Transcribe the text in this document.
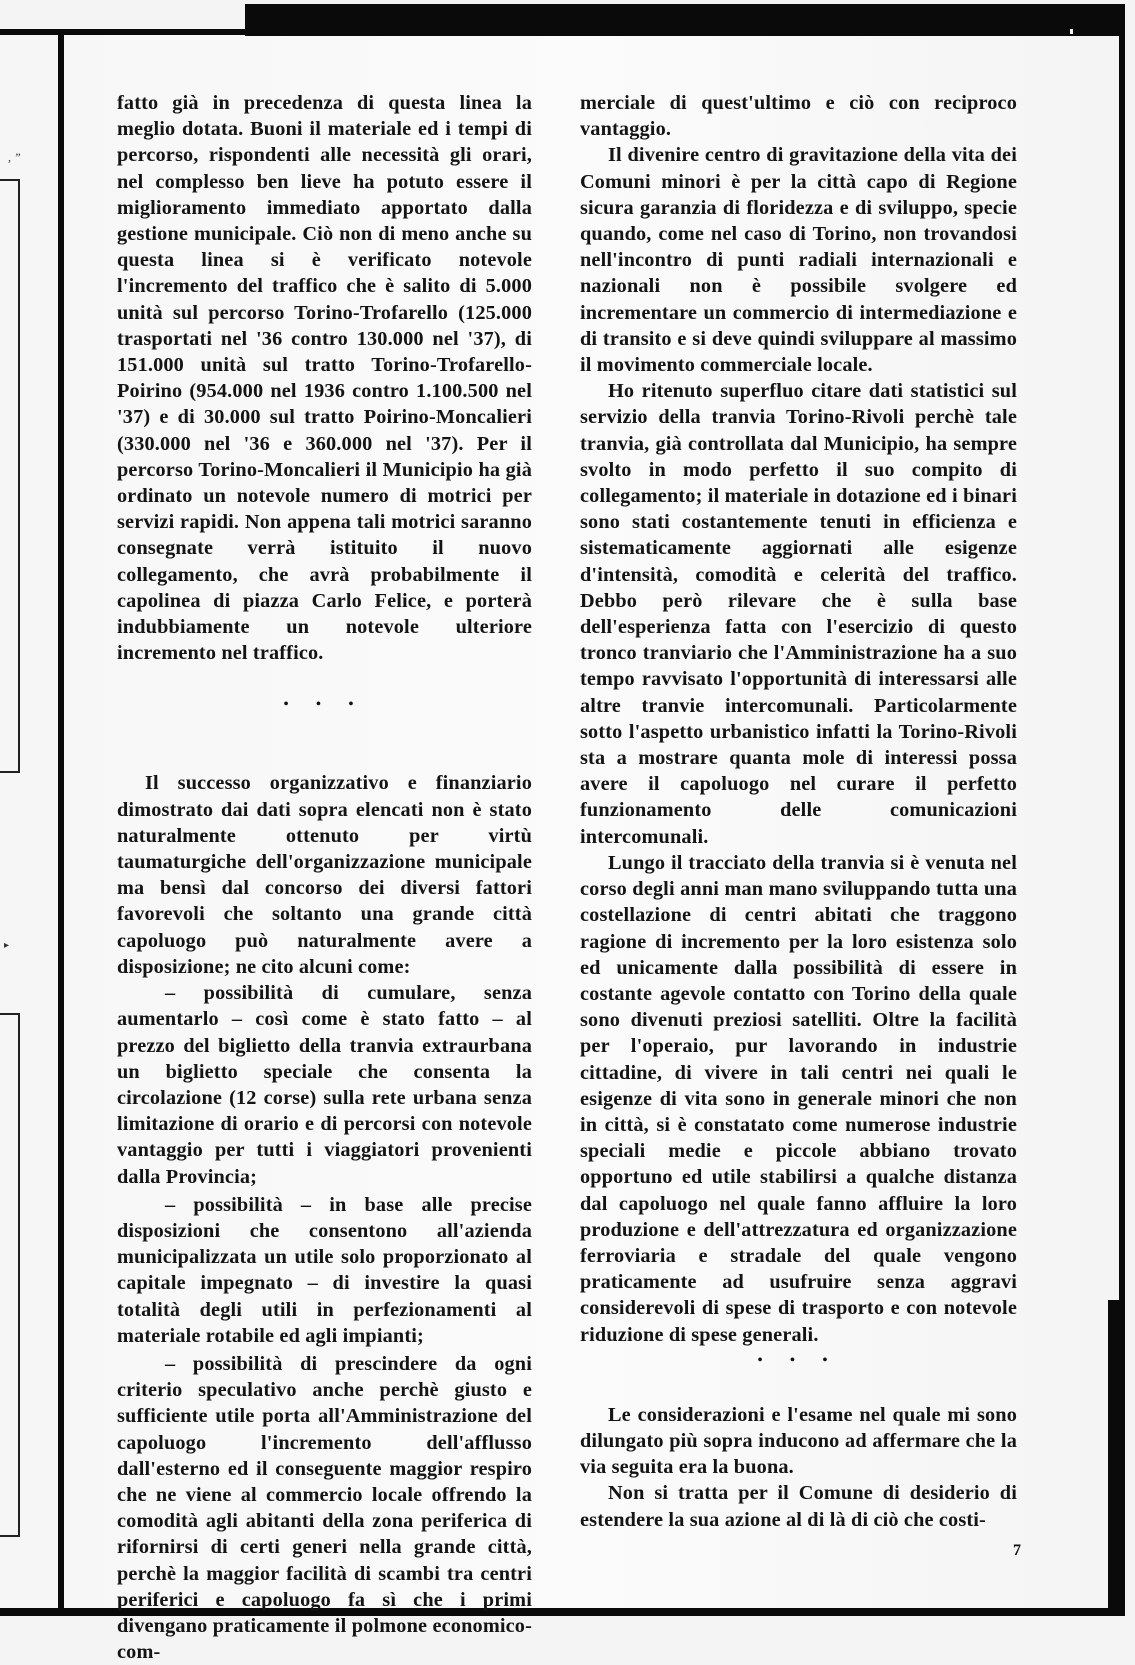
, ”
▸

fatto già in precedenza di questa linea la meglio dotata. Buoni il materiale ed i tempi di percorso, rispondenti alle necessità gli orari, nel complesso ben lieve ha potuto essere il miglioramento immediato apportato dalla gestione municipale. Ciò non di meno anche su questa linea si è verificato notevole l'incremento del traffico che è salito di 5.000 unità sul percorso Torino-Trofarello (125.000 trasportati nel '36 contro 130.000 nel '37), di 151.000 unità sul tratto Torino-Trofarello-Poirino (954.000 nel 1936 contro 1.100.500 nel '37) e di 30.000 sul tratto Poirino-Moncalieri (330.000 nel '36 e 360.000 nel '37). Per il percorso Torino-Moncalieri il Municipio ha già ordinato un notevole numero di motrici per servizi rapidi. Non appena tali motrici saranno consegnate verrà istituito il nuovo collegamento, che avrà probabilmente il capolinea di piazza Carlo Felice, e porterà indubbiamente un notevole ulteriore incremento nel traffico.

• • •

Il successo organizzativo e finanziario dimostrato dai dati sopra elencati non è stato naturalmente ottenuto per virtù taumaturgiche dell'organizzazione municipale ma bensì dal concorso dei diversi fattori favorevoli che soltanto una grande città capoluogo può naturalmente avere a disposizione; ne cito alcuni come:

– possibilità di cumulare, senza aumentarlo – così come è stato fatto – al prezzo del biglietto della tranvia extraurbana un biglietto speciale che consenta la circolazione (12 corse) sulla rete urbana senza limitazione di orario e di percorsi con notevole vantaggio per tutti i viaggiatori provenienti dalla Provincia;

– possibilità – in base alle precise disposizioni che consentono all'azienda municipalizzata un utile solo proporzionato al capitale impegnato – di investire la quasi totalità degli utili in perfezionamenti al materiale rotabile ed agli impianti;

– possibilità di prescindere da ogni criterio speculativo anche perchè giusto e sufficiente utile porta all'Amministrazione del capoluogo l'incremento dell'afflusso dall'esterno ed il conseguente maggior respiro che ne viene al commercio locale offrendo la comodità agli abitanti della zona periferica di rifornirsi di certi generi nella grande città, perchè la maggior facilità di scambi tra centri periferici e capoluogo fa sì che i primi divengano praticamente il polmone economico-com-

merciale di quest'ultimo e ciò con reciproco vantaggio.

Il divenire centro di gravitazione della vita dei Comuni minori è per la città capo di Regione sicura garanzia di floridezza e di sviluppo, specie quando, come nel caso di Torino, non trovandosi nell'incontro di punti radiali internazionali e nazionali non è possibile svolgere ed incrementare un commercio di intermediazione e di transito e si deve quindi sviluppare al massimo il movimento commerciale locale.

Ho ritenuto superfluo citare dati statistici sul servizio della tranvia Torino-Rivoli perchè tale tranvia, già controllata dal Municipio, ha sempre svolto in modo perfetto il suo compito di collegamento; il materiale in dotazione ed i binari sono stati costantemente tenuti in efficienza e sistematicamente aggiornati alle esigenze d'intensità, comodità e celerità del traffico. Debbo però rilevare che è sulla base dell'esperienza fatta con l'esercizio di questo tronco tranviario che l'Amministrazione ha a suo tempo ravvisato l'opportunità di interessarsi alle altre tranvie intercomunali. Particolarmente sotto l'aspetto urbanistico infatti la Torino-Rivoli sta a mostrare quanta mole di interessi possa avere il capoluogo nel curare il perfetto funzionamento delle comunicazioni intercomunali.

Lungo il tracciato della tranvia si è venuta nel corso degli anni man mano sviluppando tutta una costellazione di centri abitati che traggono ragione di incremento per la loro esistenza solo ed unicamente dalla possibilità di essere in costante agevole contatto con Torino della quale sono divenuti preziosi satelliti. Oltre la facilità per l'operaio, pur lavorando in industrie cittadine, di vivere in tali centri nei quali le esigenze di vita sono in generale minori che non in città, si è constatato come numerose industrie speciali medie e piccole abbiano trovato opportuno ed utile stabilirsi a qualche distanza dal capoluogo nel quale fanno affluire la loro produzione e dell'attrezzatura ed organizzazione ferroviaria e stradale del quale vengono praticamente ad usufruire senza aggravi considerevoli di spese di trasporto e con notevole riduzione di spese generali.

• • •

Le considerazioni e l'esame nel quale mi sono dilungato più sopra inducono ad affermare che la via seguita era la buona.

Non si tratta per il Comune di desiderio di estendere la sua azione al di là di ciò che costi-

7
